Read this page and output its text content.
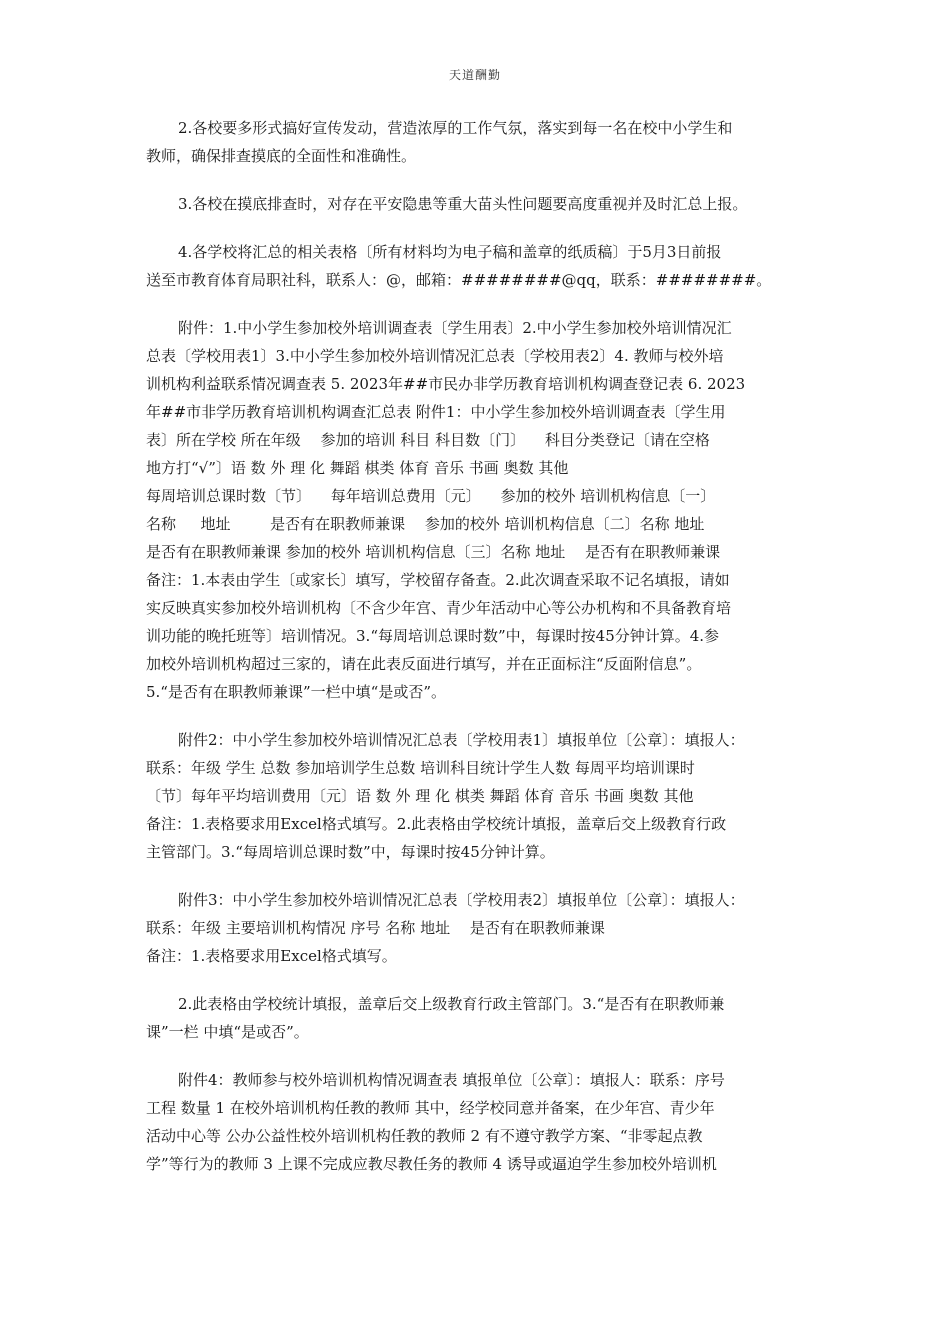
天道酬勤

2.各校要多形式搞好宣传发动，营造浓厚的工作气氛，落实到每一名在校中小学生和
教师，确保排查摸底的全面性和准确性。

3.各校在摸底排查时，对存在平安隐患等重大苗头性问题要高度重视并及时汇总上报。

4.各学校将汇总的相关表格〔所有材料均为电子稿和盖章的纸质稿〕于5月3日前报
送至市教育体育局职社科，联系人：@，邮箱：########@qq，联系：########。

附件：1.中小学生参加校外培训调查表〔学生用表〕2.中小学生参加校外培训情况汇
总表〔学校用表1〕3.中小学生参加校外培训情况汇总表〔学校用表2〕4. 教师与校外培
训机构利益联系情况调查表 5. 2023年##市民办非学历教育培训机构调查登记表 6. 2023
年##市非学历教育培训机构调查汇总表 附件1：中小学生参加校外培训调查表〔学生用
表〕所在学校 所在年级 　参加的培训 科目 科目数〔门〕 　科目分类登记〔请在空格
地方打“√”〕语 数 外 理 化 舞蹈 棋类 体育 音乐 书画 奥数 其他
每周培训总课时数〔节〕 　每年培训总费用〔元〕 　参加的校外 培训机构信息〔一〕
名称 　 地址 　 　是否有在职教师兼课 　参加的校外 培训机构信息〔二〕名称 地址
是否有在职教师兼课 参加的校外 培训机构信息〔三〕名称 地址 　是否有在职教师兼课
备注：1.本表由学生〔或家长〕填写，学校留存备查。2.此次调查采取不记名填报，请如
实反映真实参加校外培训机构〔不含少年宫、青少年活动中心等公办机构和不具备教育培
训功能的晚托班等〕培训情况。3.“每周培训总课时数”中，每课时按45分钟计算。4.参
加校外培训机构超过三家的，请在此表反面进行填写，并在正面标注“反面附信息”。
5.“是否有在职教师兼课”一栏中填“是或否”。

附件2：中小学生参加校外培训情况汇总表〔学校用表1〕填报单位〔公章〕：填报人：
联系：年级 学生 总数 参加培训学生总数 培训科目统计学生人数 每周平均培训课时
〔节〕每年平均培训费用〔元〕语 数 外 理 化 棋类 舞蹈 体育 音乐 书画 奥数 其他
备注：1.表格要求用Excel格式填写。2.此表格由学校统计填报，盖章后交上级教育行政
主管部门。3.“每周培训总课时数”中，每课时按45分钟计算。

附件3：中小学生参加校外培训情况汇总表〔学校用表2〕填报单位〔公章〕：填报人：
联系：年级 主要培训机构情况 序号 名称 地址 　是否有在职教师兼课
备注：1.表格要求用Excel格式填写。

2.此表格由学校统计填报，盖章后交上级教育行政主管部门。3.“是否有在职教师兼
课”一栏 中填“是或否”。

附件4：教师参与校外培训机构情况调查表 填报单位〔公章〕：填报人：联系：序号
工程 数量 1 在校外培训机构任教的教师 其中，经学校同意并备案，在少年宫、青少年
活动中心等 公办公益性校外培训机构任教的教师 2 有不遵守教学方案、“非零起点教
学”等行为的教师 3 上课不完成应教尽教任务的教师 4 诱导或逼迫学生参加校外培训机
